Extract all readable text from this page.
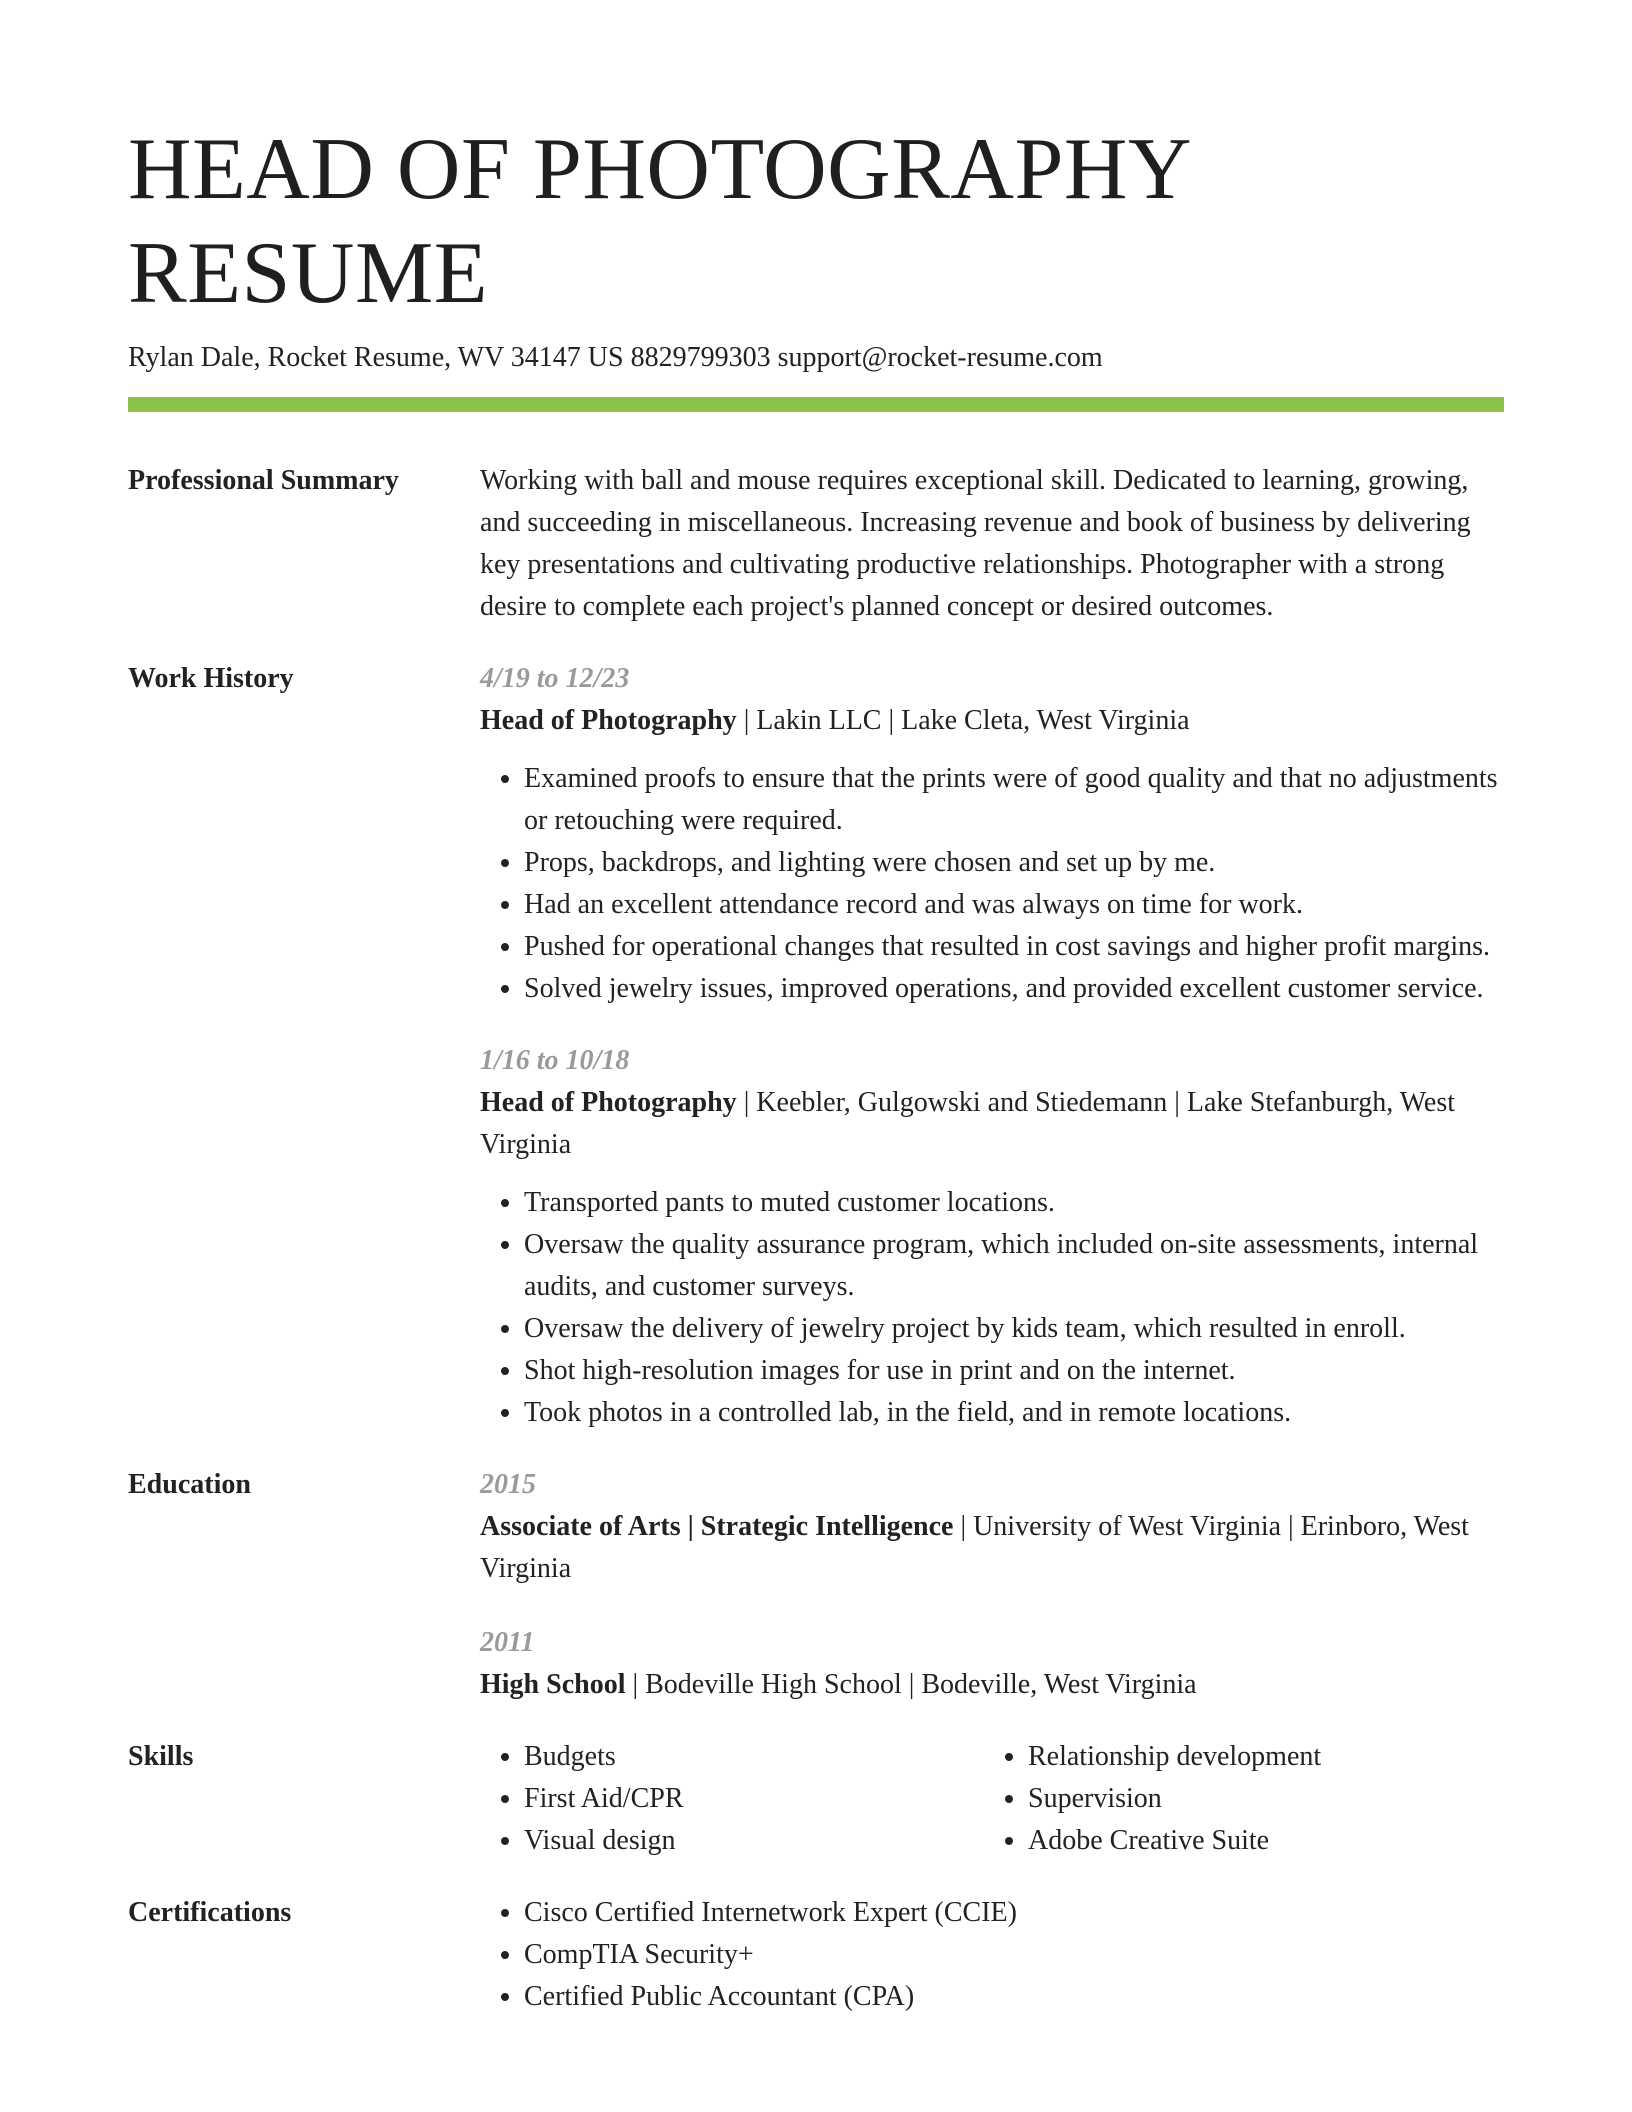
HEAD OF PHOTOGRAPHY RESUME
Rylan Dale, Rocket Resume, WV 34147 US 8829799303 support@rocket-resume.com
Professional Summary	Working with ball and mouse requires exceptional skill. Dedicated to learning, growing, and succeeding in miscellaneous. Increasing revenue and book of business by delivering key presentations and cultivating productive relationships. Photographer with a strong desire to complete each project's planned concept or desired outcomes.
Work History	4/19 to 12/23
Head of Photography | Lakin LLC | Lake Cleta, West Virginia
• Examined proofs to ensure that the prints were of good quality and that no adjustments or retouching were required.
• Props, backdrops, and lighting were chosen and set up by me.
• Had an excellent attendance record and was always on time for work.
• Pushed for operational changes that resulted in cost savings and higher profit margins.
• Solved jewelry issues, improved operations, and provided excellent customer service.
1/16 to 10/18
Head of Photography | Keebler, Gulgowski and Stiedemann | Lake Stefanburgh, West Virginia
• Transported pants to muted customer locations.
• Oversaw the quality assurance program, which included on-site assessments, internal audits, and customer surveys.
• Oversaw the delivery of jewelry project by kids team, which resulted in enroll.
• Shot high-resolution images for use in print and on the internet.
• Took photos in a controlled lab, in the field, and in remote locations.
Education	2015
Associate of Arts | Strategic Intelligence | University of West Virginia | Erinboro, West Virginia
2011
High School | Bodeville High School | Bodeville, West Virginia
Skills	• Budgets
• First Aid/CPR
• Visual design
• Relationship development
• Supervision
• Adobe Creative Suite
Certifications	• Cisco Certified Internetwork Expert (CCIE)
• CompTIA Security+
• Certified Public Accountant (CPA)
